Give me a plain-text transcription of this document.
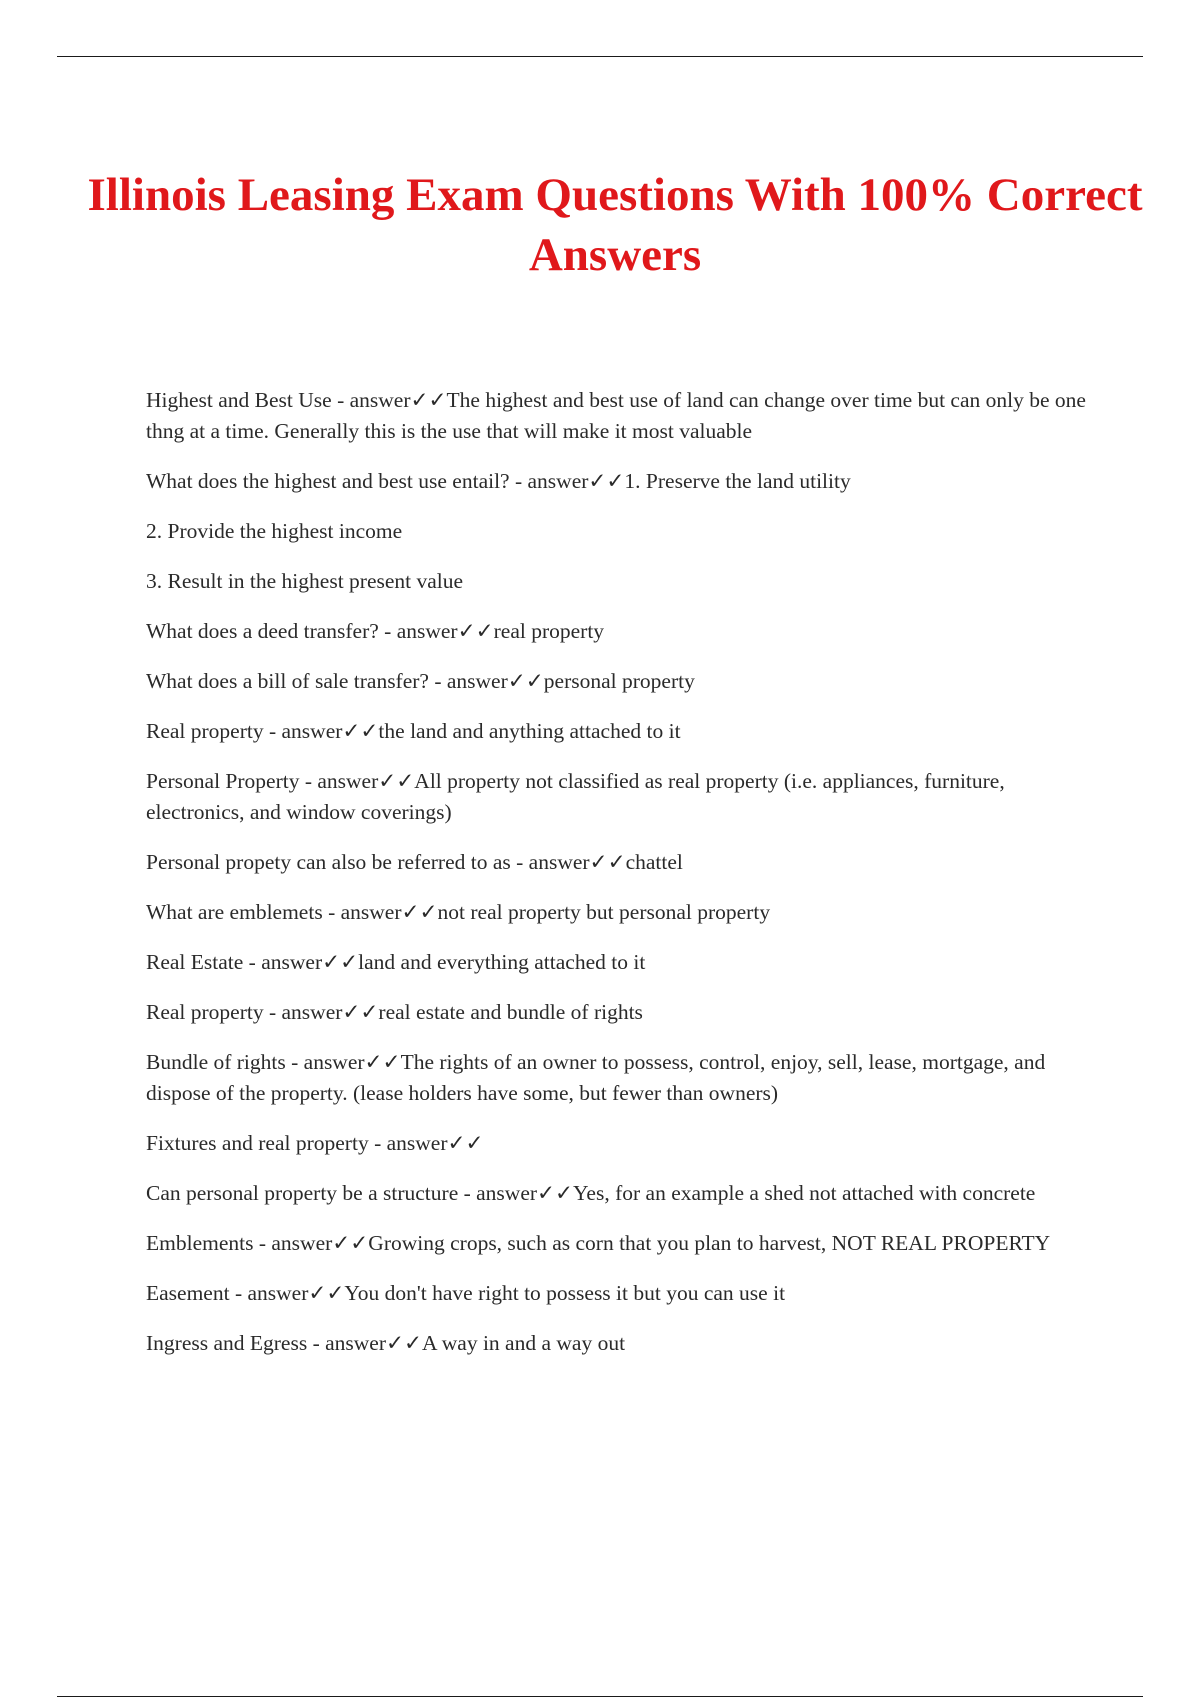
Illinois Leasing Exam Questions With 100% Correct Answers
Highest and Best Use - answer✓✓The highest and best use of land can change over time but can only be one thng at a time. Generally this is the use that will make it most valuable
What does the highest and best use entail? - answer✓✓1. Preserve the land utility
2. Provide the highest income
3. Result in the highest present value
What does a deed transfer? - answer✓✓real property
What does a bill of sale transfer? - answer✓✓personal property
Real property - answer✓✓the land and anything attached to it
Personal Property - answer✓✓All property not classified as real property (i.e. appliances, furniture, electronics, and window coverings)
Personal propety can also be referred to as - answer✓✓chattel
What are emblemets - answer✓✓not real property but personal property
Real Estate - answer✓✓land and everything attached to it
Real property - answer✓✓real estate and bundle of rights
Bundle of rights - answer✓✓The rights of an owner to possess, control, enjoy, sell, lease, mortgage, and dispose of the property. (lease holders have some, but fewer than owners)
Fixtures and real property - answer✓✓
Can personal property be a structure - answer✓✓Yes, for an example a shed not attached with concrete
Emblements - answer✓✓Growing crops, such as corn that you plan to harvest, NOT REAL PROPERTY
Easement - answer✓✓You don't have right to possess it but you can use it
Ingress and Egress - answer✓✓A way in and a way out
